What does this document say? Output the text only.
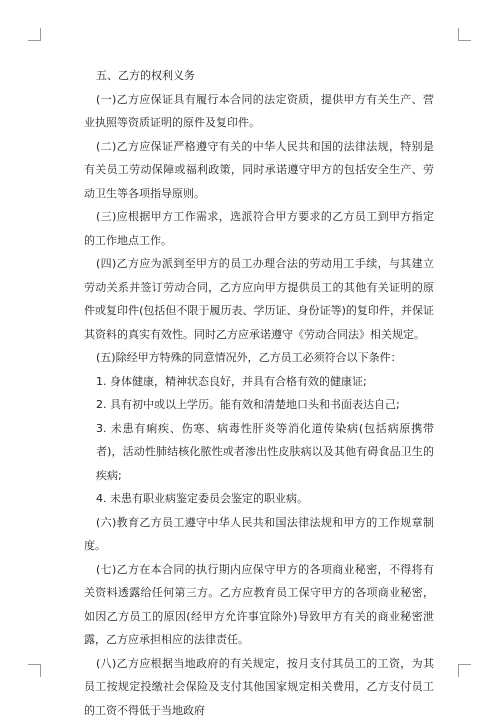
五、乙方的权利义务

(一)乙方应保证具有履行本合同的法定资质，提供甲方有关生产、营业执照等资质证明的原件及复印件。

(二)乙方应保证严格遵守有关的中华人民共和国的法律法规，特别是有关员工劳动保障或福利政策，同时承诺遵守甲方的包括安全生产、劳动卫生等各项指导原则。

(三)应根据甲方工作需求，选派符合甲方要求的乙方员工到甲方指定的工作地点工作。

(四)乙方应为派到至甲方的员工办理合法的劳动用工手续，与其建立劳动关系并签订劳动合同，乙方应向甲方提供员工的其他有关证明的原件或复印件(包括但不限于履历表、学历证、身份证等)的复印件，并保证其资料的真实有效性。同时乙方应承诺遵守《劳动合同法》相关规定。

(五)除经甲方特殊的同意情况外，乙方员工必须符合以下条件：

1. 身体健康，精神状态良好，并具有合格有效的健康证;

2. 具有初中或以上学历。能有效和清楚地口头和书面表达自己;

3. 未患有痢疾、伤寒、病毒性肝炎等消化道传染病(包括病原携带者)，活动性肺结核化脓性或者渗出性皮肤病以及其他有碍食品卫生的疾病;

4. 未患有职业病鉴定委员会鉴定的职业病。

(六)教育乙方员工遵守中华人民共和国法律法规和甲方的工作规章制度。

(七)乙方在本合同的执行期内应保守甲方的各项商业秘密，不得将有关资料透露给任何第三方。乙方应教育员工保守甲方的各项商业秘密，如因乙方员工的原因(经甲方允许事宜除外)导致甲方有关的商业秘密泄露，乙方应承担相应的法律责任。

(八)乙方应根据当地政府的有关规定，按月支付其员工的工资，为其员工按规定投缴社会保险及支付其他国家规定相关费用，乙方支付员工的工资不得低于当地政府
